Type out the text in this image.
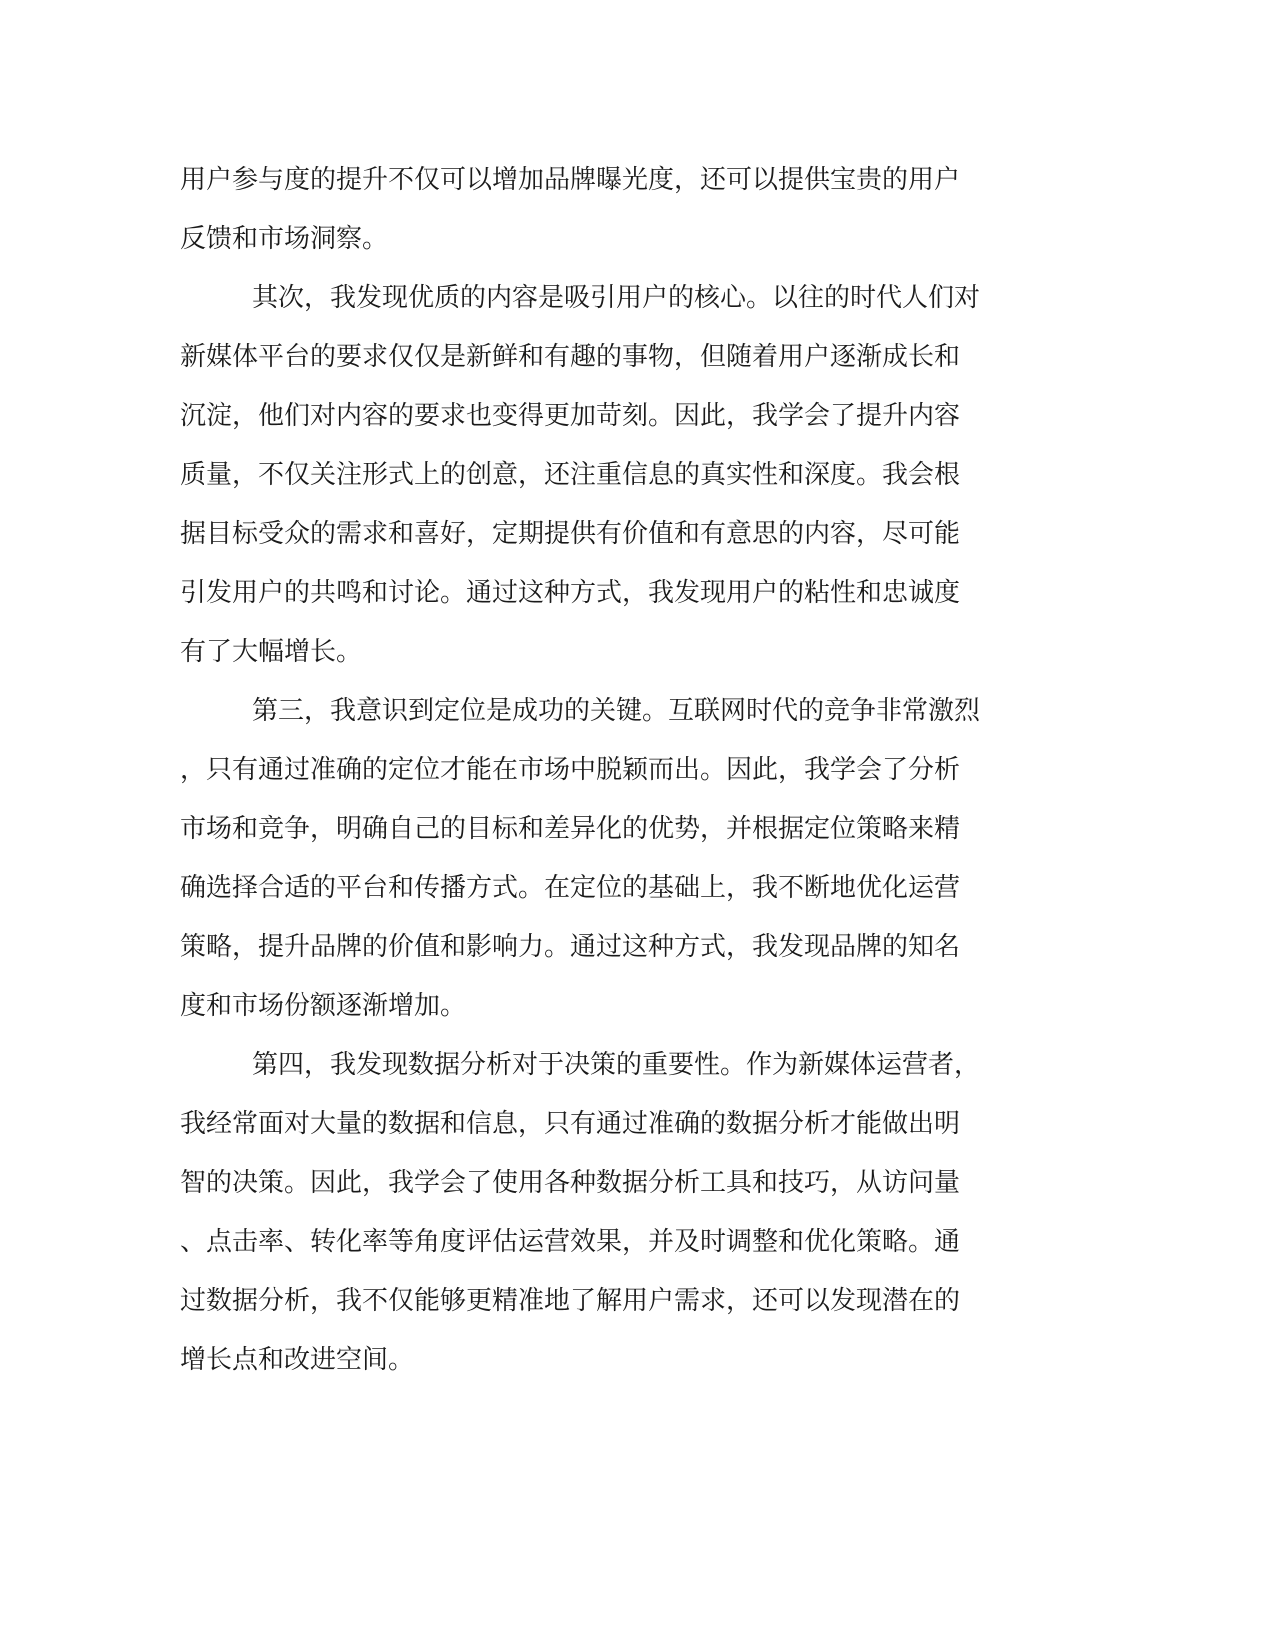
用户参与度的提升不仅可以增加品牌曝光度，还可以提供宝贵的用户

反馈和市场洞察。

其次，我发现优质的内容是吸引用户的核心。以往的时代人们对

新媒体平台的要求仅仅是新鲜和有趣的事物，但随着用户逐渐成长和

沉淀，他们对内容的要求也变得更加苛刻。因此，我学会了提升内容

质量，不仅关注形式上的创意，还注重信息的真实性和深度。我会根

据目标受众的需求和喜好，定期提供有价值和有意思的内容，尽可能

引发用户的共鸣和讨论。通过这种方式，我发现用户的粘性和忠诚度

有了大幅增长。

第三，我意识到定位是成功的关键。互联网时代的竞争非常激烈

，只有通过准确的定位才能在市场中脱颖而出。因此，我学会了分析

市场和竞争，明确自己的目标和差异化的优势，并根据定位策略来精

确选择合适的平台和传播方式。在定位的基础上，我不断地优化运营

策略，提升品牌的价值和影响力。通过这种方式，我发现品牌的知名

度和市场份额逐渐增加。

第四，我发现数据分析对于决策的重要性。作为新媒体运营者，

我经常面对大量的数据和信息，只有通过准确的数据分析才能做出明

智的决策。因此，我学会了使用各种数据分析工具和技巧，从访问量

、点击率、转化率等角度评估运营效果，并及时调整和优化策略。通

过数据分析，我不仅能够更精准地了解用户需求，还可以发现潜在的

增长点和改进空间。
